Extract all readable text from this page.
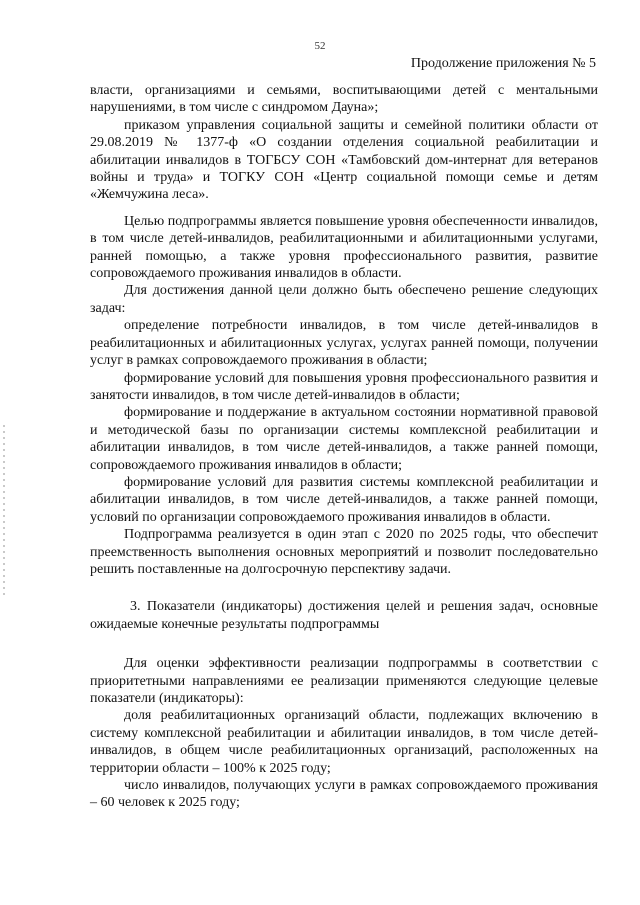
52
Продолжение приложения № 5

власти, организациями и семьями, воспитывающими детей с ментальными нарушениями, в том числе с синдромом Дауна»;

приказом управления социальной защиты и семейной политики области от 29.08.2019 № 1377-ф «О создании отделения социальной реабилитации и абилитации инвалидов в ТОГБСУ СОН «Тамбовский дом-интернат для ветеранов войны и труда» и ТОГКУ СОН «Центр социальной помощи семье и детям «Жемчужина леса».

Целью подпрограммы является повышение уровня обеспеченности инвалидов, в том числе детей-инвалидов, реабилитационными и абилитационными услугами, ранней помощью, а также уровня профессионального развития, развитие сопровождаемого проживания инвалидов в области.

Для достижения данной цели должно быть обеспечено решение следующих задач:

определение потребности инвалидов, в том числе детей-инвалидов в реабилитационных и абилитационных услугах, услугах ранней помощи, получении услуг в рамках сопровождаемого проживания в области;

формирование условий для повышения уровня профессионального развития и занятости инвалидов, в том числе детей-инвалидов в области;

формирование и поддержание в актуальном состоянии нормативной правовой и методической базы по организации системы комплексной реабилитации и абилитации инвалидов, в том числе детей-инвалидов, а также ранней помощи, сопровождаемого проживания инвалидов в области;

формирование условий для развития системы комплексной реабилитации и абилитации инвалидов, в том числе детей-инвалидов, а также ранней помощи, условий по организации сопровождаемого проживания инвалидов в области.

Подпрограмма реализуется в один этап с 2020 по 2025 годы, что обеспечит преемственность выполнения основных мероприятий и позволит последовательно решить поставленные на долгосрочную перспективу задачи.

3. Показатели (индикаторы) достижения целей и решения задач, основные ожидаемые конечные результаты подпрограммы

Для оценки эффективности реализации подпрограммы в соответствии с приоритетными направлениями ее реализации применяются следующие целевые показатели (индикаторы):

доля реабилитационных организаций области, подлежащих включению в систему комплексной реабилитации и абилитации инвалидов, в том числе детей-инвалидов, в общем числе реабилитационных организаций, расположенных на территории области – 100% к 2025 году;

число инвалидов, получающих услуги в рамках сопровождаемого проживания – 60 человек к 2025 году;
